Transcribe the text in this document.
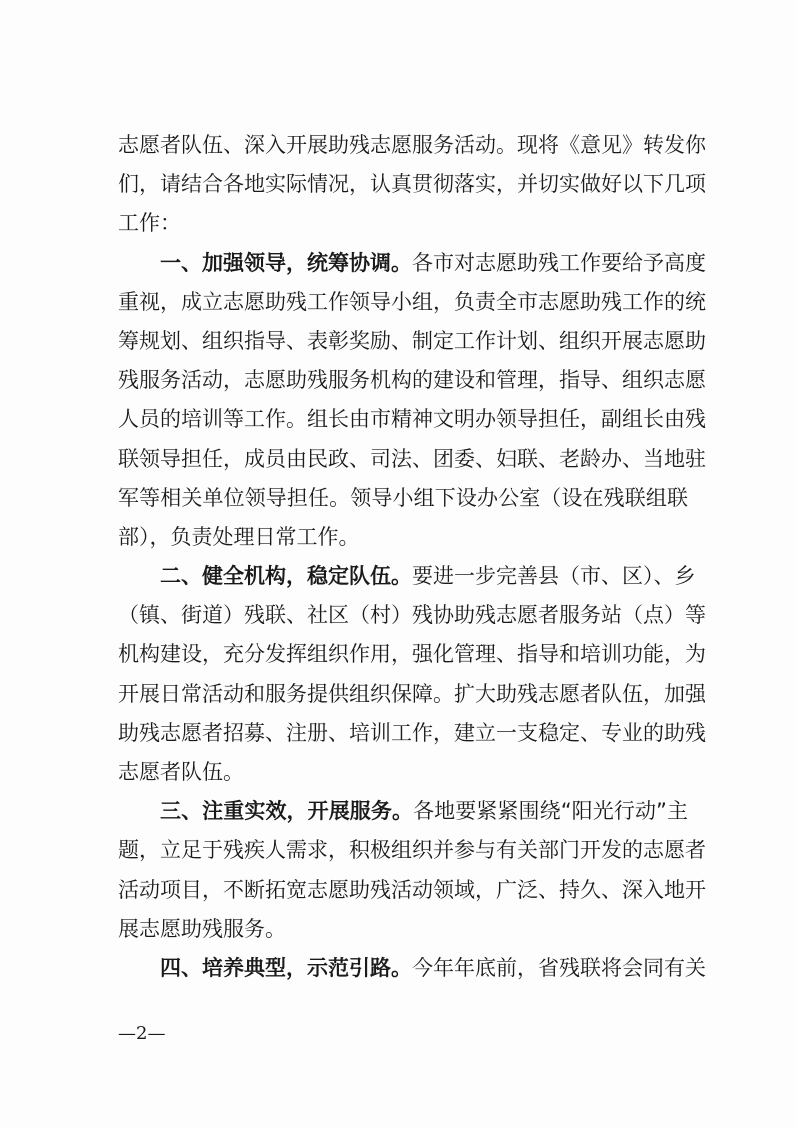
志愿者队伍、深入开展助残志愿服务活动。现将《意见》转发你
们，请结合各地实际情况，认真贯彻落实，并切实做好以下几项
工作：
一、加强领导，统筹协调。各市对志愿助残工作要给予高度
重视，成立志愿助残工作领导小组，负责全市志愿助残工作的统
筹规划、组织指导、表彰奖励、制定工作计划、组织开展志愿助
残服务活动，志愿助残服务机构的建设和管理，指导、组织志愿
人员的培训等工作。组长由市精神文明办领导担任，副组长由残
联领导担任，成员由民政、司法、团委、妇联、老龄办、当地驻
军等相关单位领导担任。领导小组下设办公室（设在残联组联
部），负责处理日常工作。
二、健全机构，稳定队伍。要进一步完善县（市、区）、乡
（镇、街道）残联、社区（村）残协助残志愿者服务站（点）等
机构建设，充分发挥组织作用，强化管理、指导和培训功能，为
开展日常活动和服务提供组织保障。扩大助残志愿者队伍，加强
助残志愿者招募、注册、培训工作，建立一支稳定、专业的助残
志愿者队伍。
三、注重实效，开展服务。各地要紧紧围绕“阳光行动”主
题，立足于残疾人需求，积极组织并参与有关部门开发的志愿者
活动项目，不断拓宽志愿助残活动领域，广泛、持久、深入地开
展志愿助残服务。
四、培养典型，示范引路。今年年底前，省残联将会同有关
—2—
